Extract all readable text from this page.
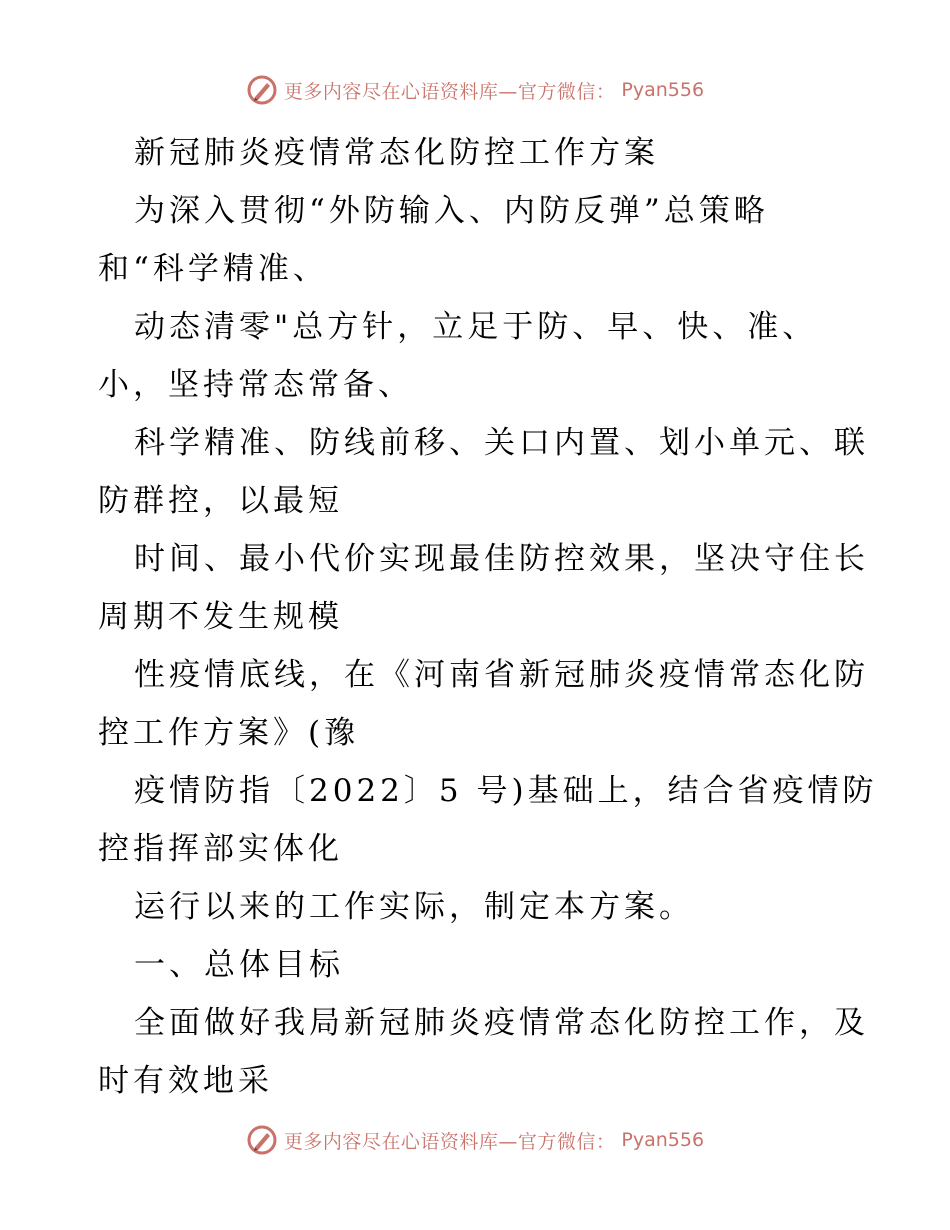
更多内容尽在心语资料库—官方微信： Pyan556
新冠肺炎疫情常态化防控工作方案
为深入贯彻“外防输入、内防反弹”总策略
和“科学精准、
动态清零"总方针，立足于防、早、快、准、
小，坚持常态常备、
科学精准、防线前移、关口内置、划小单元、联
防群控，以最短
时间、最小代价实现最佳防控效果，坚决守住长
周期不发生规模
性疫情底线，在《河南省新冠肺炎疫情常态化防
控工作方案》(豫
疫情防指〔2022〕5 号)基础上，结合省疫情防
控指挥部实体化
运行以来的工作实际，制定本方案。
一、总体目标
全面做好我局新冠肺炎疫情常态化防控工作，及
时有效地采
更多内容尽在心语资料库—官方微信： Pyan556
